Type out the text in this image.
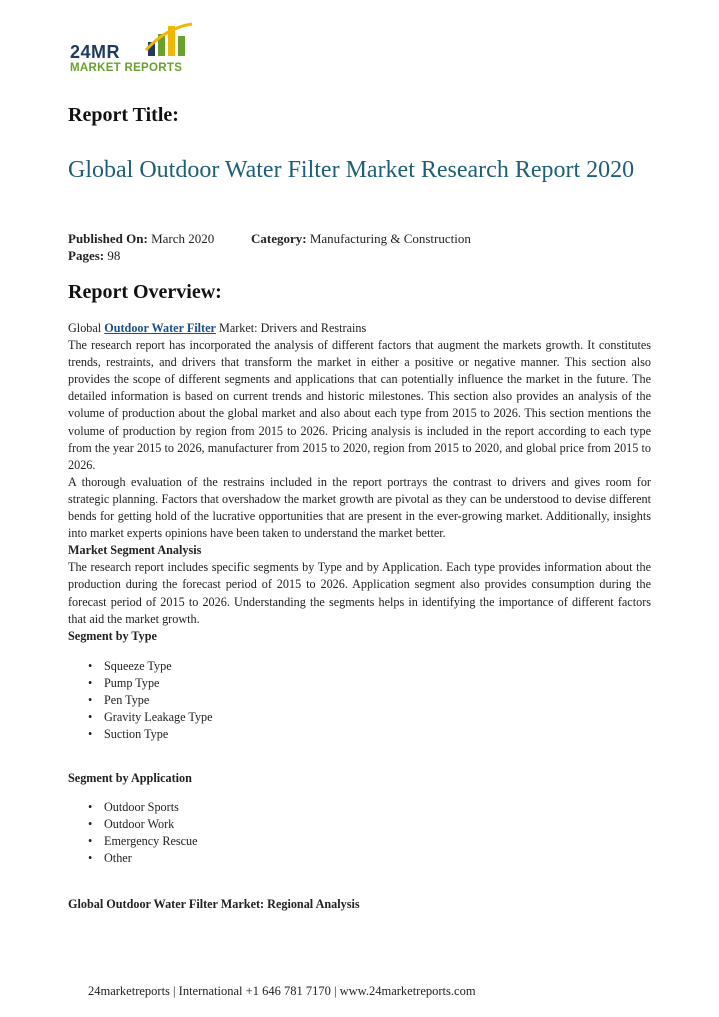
24MR
MARKET REPORTS
Report Title:
Global Outdoor Water Filter Market Research Report 2020
Published On: March 2020	Category: Manufacturing & Construction
Pages: 98
Report Overview:

Global Outdoor Water Filter Market: Drivers and Restrains

The research report has incorporated the analysis of different factors that augment the markets growth. It constitutes trends, restraints, and drivers that transform the market in either a positive or negative manner. This section also provides the scope of different segments and applications that can potentially influence the market in the future. The detailed information is based on current trends and historic milestones. This section also provides an analysis of the volume of production about the global market and also about each type from 2015 to 2026. This section mentions the volume of production by region from 2015 to 2026. Pricing analysis is included in the report according to each type from the year 2015 to 2026, manufacturer from 2015 to 2020, region from 2015 to 2020, and global price from 2015 to 2026.

A thorough evaluation of the restrains included in the report portrays the contrast to drivers and gives room for strategic planning. Factors that overshadow the market growth are pivotal as they can be understood to devise different bends for getting hold of the lucrative opportunities that are present in the ever-growing market. Additionally, insights into market experts opinions have been taken to understand the market better.

Market Segment Analysis

The research report includes specific segments by Type and by Application. Each type provides information about the production during the forecast period of 2015 to 2026. Application segment also provides consumption during the forecast period of 2015 to 2026. Understanding the segments helps in identifying the importance of different factors that aid the market growth.

Segment by Type

• Squeeze Type
• Pump Type
• Pen Type
• Gravity Leakage Type
• Suction Type
Segment by Application
• Outdoor Sports
• Outdoor Work
• Emergency Rescue
• Other
Global Outdoor Water Filter Market: Regional Analysis
24marketreports | International +1 646 781 7170 | www.24marketreports.com
